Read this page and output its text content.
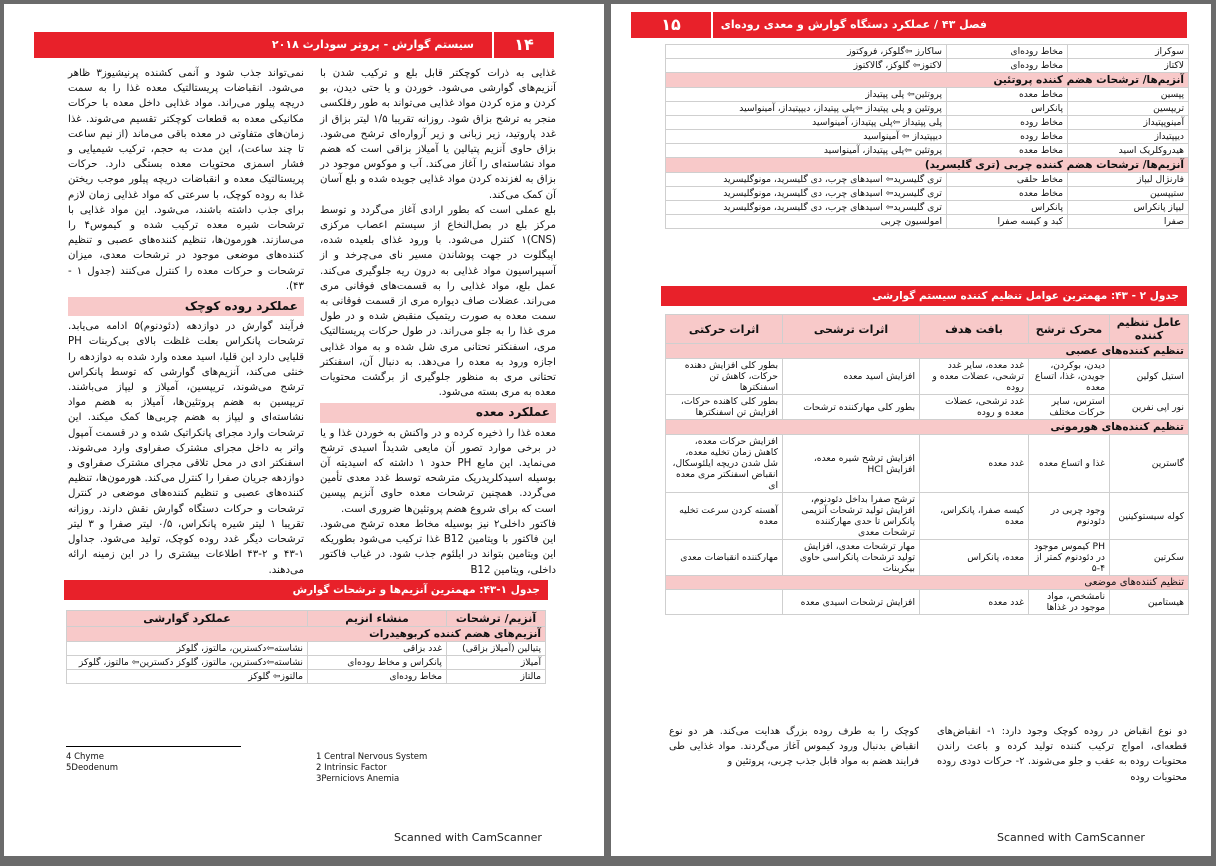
۱۴
سیستم گوارش - پروتر سودارث ۲۰۱۸

غذایی به ذرات کوچکتر قابل بلع و ترکیب شدن با آنزیم‌های گوارشی می‌شود. خوردن و یا حتی دیدن، بو کردن و مزه کردن مواد غذایی می‌تواند به طور رفلکسی منجر به ترشح بزاق شود. روزانه تقریبا ۱/۵ لیتر بزاق از غدد پاروتید، زیر زبانی و زیر آرواره‌ای ترشح می‌شود. بزاق حاوی آنزیم پتیالین یا آمیلاز بزاقی است که هضم مواد نشاسته‌ای را آغاز می‌کند. آب و موکوس موجود در بزاق به لغزنده کردن مواد غذایی جویده شده و بلع آسان آن کمک می‌کند.

بلع عملی است که بطور ارادی آغاز می‌گردد و توسط مرکز بلع در بصل‌النخاع از سیستم اعصاب مرکزی (CNS)۱ کنترل می‌شود. با ورود غذای بلعیده شده، اپیگلوت در جهت پوشاندن مسیر نای می‌چرخد و از آسپیراسیون مواد غذایی به درون ریه جلوگیری می‌کند. عمل بلع، مواد غذایی را به قسمت‌های فوقانی مری می‌راند. عضلات صاف دیواره مری از قسمت فوقانی به سمت معده به صورت ریتمیک منقبض شده و در طول مری غذا را به جلو می‌راند. در طول حرکات پریستالتیک مری، اسفنکتر تحتانی مری شل شده و به مواد غذایی اجازه ورود به معده را می‌دهد. به دنبال آن، اسفنکتر تحتانی مری به منظور جلوگیری از برگشت محتویات معده به مری بسته می‌شود.

عملکرد معده

معده غذا را ذخیره کرده و در واکنش به خوردن غذا و یا در برخی موارد تصور آن مایعی شدیداً اسیدی ترشح می‌نماید. این مایع PH حدود ۱ داشته که اسیدیته آن بوسیله اسیدکلریدریک مترشحه توسط غدد معدی تأمین می‌گردد. همچنین ترشحات معده حاوی آنزیم پپسین است که برای شروع هضم پروتئین‌ها ضروری است.

فاکتور داخلی۲ نیز بوسیله مخاط معده ترشح می‌شود. این فاکتور با ویتامین B12 غذا ترکیب می‌شود بطوریکه این ویتامین بتواند در ایلئوم جذب شود. در غیاب فاکتور داخلی، ویتامین B12

نمی‌تواند جذب شود و آنمی کشنده پرنیشیوز۳ ظاهر می‌شود. انقباضات پریستالتیک معده غذا را به سمت دریچه پیلور می‌راند. مواد غذایی داخل معده با حرکات مکانیکی معده به قطعات کوچکتر تقسیم می‌شوند. غذا زمان‌های متفاوتی در معده باقی می‌ماند (از نیم ساعت تا چند ساعت)، این مدت به حجم، ترکیب شیمیایی و فشار اسمزی محتویات معده بستگی دارد. حرکات پریستالتیک معده و انقباضات دریچه پیلور موجب ریختن غذا به روده کوچک، با سرعتی که مواد غذایی زمان لازم برای جذب داشته باشند، می‌شود. این مواد غذایی با ترشحات شیره معده ترکیب شده و کیموس۴ را می‌سازند. هورمون‌ها، تنظیم کننده‌های عصبی و تنظیم کننده‌های موضعی موجود در ترشحات معدی، میزان ترشحات و حرکات معده را کنترل می‌کنند (جدول ۱ - ۴۳).

عملکرد روده کوچک

فرآیند گوارش در دوازدهه (دئودنوم)۵ ادامه می‌یابد. ترشحات پانکراس بعلت غلظت بالای بی‌کربنات PH قلیایی دارد این قلیا، اسید معده وارد شده به دوازدهه را خنثی می‌کند، آنزیم‌های گوارشی که توسط پانکراس ترشح می‌شوند، تریپسین، آمیلاز و لیپاز می‌باشند. تریپسین به هضم پروتئین‌ها، آمیلاز به هضم مواد نشاسته‌ای و لیپاز به هضم چربی‌ها کمک میکند. این ترشحات وارد مجرای پانکراتیک شده و در قسمت آمپول واتر به داخل مجرای مشترک صفراوی وارد می‌شوند. اسفنکتر ادی در محل تلاقی مجرای مشترک صفراوی و دوازدهه جریان صفرا را کنترل می‌کند. هورمون‌ها، تنظیم کننده‌های عصبی و تنظیم کننده‌های موضعی در کنترل ترشحات و حرکات دستگاه گوارش نقش دارند. روزانه تقریبا ۱ لیتر شیره پانکراس، ۰/۵ لیتر صفرا و ۳ لیتر ترشحات دیگر غدد روده کوچک، تولید می‌شود. جداول ۱-۴۳ و ۲-۴۳ اطلاعات بیشتری را در این زمینه ارائه می‌دهند.

جدول ۱-۴۳: مهمترین آنزیم‌ها و ترشحات گوارش
آنزیم/ ترشحات	منشاء انزیم	عملکرد گوارشی
آنزیم‌های هضم کننده کربوهیدرات		
پتیالین (آمیلاز بزاقی)	غدد بزاقی	نشاسته⇦دکسترین، مالتوز، گلوکز
آمیلاز	پانکراس و مخاط روده‌ای	نشاسته⇦دکسترین، مالتوز، گلوکز دکسترین⇦ مالتوز، گلوکز
مالتاز	مخاط روده‌ای	مالتوز⇦ گلوکز
4 Chyme
5Deodenum
1 Central Nervous System
2 Intrinsic Factor
3Perniciovs Anemia
Scanned with CamScanner
۱۵	فصل ۴۳ / عملکرد دستگاه گوارش و معدی روده‌ای
سوکراز	مخاط روده‌ای	ساکارز ⇦گلوکز، فروکتوز
لاکتاز	مخاط روده‌ای	لاکتوز⇦ گلوکز، گالاکتوز
آنزیم‌ها/ ترشحات هضم کننده پروتئین		
پپسین	مخاط معده	پروتئین⇦ پلی پپتیداز
تریپسین	پانکراس	پروتئین و پلی پپتیداز ⇦پلی پپتیداز، دیپپتیداز، آمینواسید
آمینوپپتیداز	مخاط روده	پلی پپتیداز ⇦پلی پپتیداز، آمینواسید
دیپپتیداز	مخاط روده	دیپپتیداز ⇦ آمینواسید
هیدروکلریک اسید	مخاط معده	پروتئین ⇦پلی پپتیداز، آمینواسید
آنزیم‌ها/ ترشحات هضم کننده چربی (تری گلیسرید)		
فارنژال لیپاز	مخاط حلقی	تری گلیسرید⇦ اسیدهای چرب، دی گلیسرید، مونوگلیسرید
ستیپسین	مخاط معده	تری گلیسرید⇦ اسیدهای چرب، دی گلیسرید، مونوگلیسرید
لیپاز پانکراس	پانکراس	تری گلیسرید⇦ اسیدهای چرب، دی گلیسرید، مونوگلیسرید
صفرا	کبد و کیسه صفرا	امولسیون چربی
جدول ۲ - ۴۳: مهمترین عوامل تنظیم کننده سیستم گوارشی
عامل تنظیم کننده	محرک ترشح	بافت هدف	اثرات ترشحی	اثرات حرکتی
تنظیم کننده‌های عصبی				
استیل کولین	دیدن، بوکردن، جویدن، غذا، اتساع معده	غدد معده، سایر غدد ترشحی، عضلات معده و روده	افزایش اسید معده	بطور کلی افزایش دهنده حرکات، کاهش تن اسفنکترها
نور اپی نفرین	استرس، سایر حرکات مختلف	غدد ترشحی، عضلات معده و روده	بطور کلی مهارکننده ترشحات	بطور کلی کاهنده حرکات، افزایش تن اسفنکترها
تنظیم کننده‌های هورمونی				
گاسترین	غذا و اتساع معده	غدد معده	افزایش ترشح شیره معده، افزایش HCl	افزایش حرکات معده، کاهش زمان تخلیه معده، شل شدن دریچه ایلئوسکال، انقباض اسفنکتر مری معده ای
کوله سیستوکینین	وجود چربی در دئودنوم	کیسه صفرا، پانکراس، معده	ترشح صفرا بداخل دئودنوم، افزایش تولید ترشحات آنزیمی پانکراس تا حدی مهارکننده ترشحات معدی	آهسته کردن سرعت تخلیه معده
سکرتین	PH کیموس موجود در دئودنوم کمتر از ۴-۵	معده، پانکراس	مهار ترشحات معدی، افزایش تولید ترشحات پانکراسی حاوی بیکربنات	مهارکننده انقباضات معدی
تنظیم کننده‌های موضعی				
هیستامین	نامشخص، مواد موجود در غذاها	غدد معده	افزایش ترشحات اسیدی معده	
دو نوع انقباض در روده کوچک وجود دارد: ۱- انقباض‌های قطعه‌ای، امواج ترکیب کننده تولید کرده و باعث راندن محتویات روده به عقب و جلو می‌شوند. ۲- حرکات دودی روده محتویات روده
کوچک را به طرف روده بزرگ هدایت می‌کند. هر دو نوع انقباض بدنبال ورود کیموس آغاز می‌گردند. مواد غذایی طی فرایند هضم به مواد قابل جذب چربی، پروتئین و
Scanned with CamScanner
